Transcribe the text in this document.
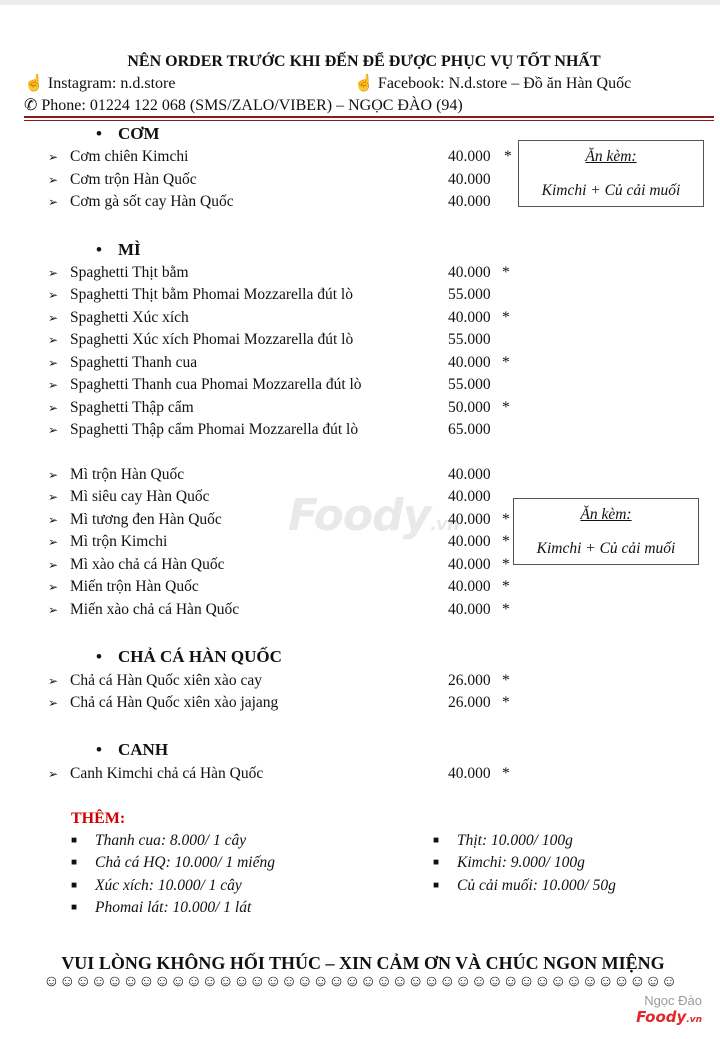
NÊN ORDER TRƯỚC KHI ĐẾN ĐỂ ĐƯỢC PHỤC VỤ TỐT NHẤT
☝ Instagram: n.d.store	☝ Facebook: N.d.store – Đồ ăn Hàn Quốc
✆ Phone: 01224 122 068 (SMS/ZALO/VIBER) – NGỌC ĐÀO (94)
• CƠM
• MÌ
• CHẢ CÁ HÀN QUỐC
• CANH
➢ Cơm chiên Kimchi	40.000 *
➢ Cơm trộn Hàn Quốc	40.000
➢ Cơm gà sốt cay Hàn Quốc	40.000
➢ Spaghetti Thịt bằm	40.000 *
➢ Spaghetti Thịt bằm Phomai Mozzarella đút lò	55.000
➢ Spaghetti Xúc xích	40.000 *
➢ Spaghetti Xúc xích Phomai Mozzarella đút lò	55.000
➢ Spaghetti Thanh cua	40.000 *
➢ Spaghetti Thanh cua Phomai Mozzarella đút lò	55.000
➢ Spaghetti Thập cẩm	50.000 *
➢ Spaghetti Thập cẩm Phomai Mozzarella đút lò	65.000
➢ Mì trộn Hàn Quốc	40.000
➢ Mì siêu cay Hàn Quốc	40.000
➢ Mì tương đen Hàn Quốc	40.000 *
➢ Mì trộn Kimchi	40.000 *
➢ Mì xào chả cá Hàn Quốc	40.000 *
➢ Miến trộn Hàn Quốc	40.000 *
➢ Miến xào chả cá Hàn Quốc	40.000 *
➢ Chả cá Hàn Quốc xiên xào cay	26.000 *
➢ Chả cá Hàn Quốc xiên xào jajang	26.000 *
➢ Canh Kimchi chả cá Hàn Quốc	40.000 *
Ăn kèm:
Kimchi + Củ cải muối
Ăn kèm:
Kimchi + Củ cải muối
Foody.vn
THÊM:
■ Thanh cua: 8.000/ 1 cây
■ Chả cá HQ: 10.000/ 1 miếng
■ Xúc xích: 10.000/ 1 cây
■ Phomai lát: 10.000/ 1 lát
■ Thịt: 10.000/ 100g
■ Kimchi: 9.000/ 100g
■ Củ cải muối: 10.000/ 50g
VUI LÒNG KHÔNG HỐI THÚC – XIN CẢM ƠN VÀ CHÚC NGON MIỆNG
☺☺☺☺☺☺☺☺☺☺☺☺☺☺☺☺☺☺☺☺☺☺☺☺☺☺☺☺☺☺☺☺☺☺☺☺☺☺☺☺
Ngọc Đào
Foody.vn
